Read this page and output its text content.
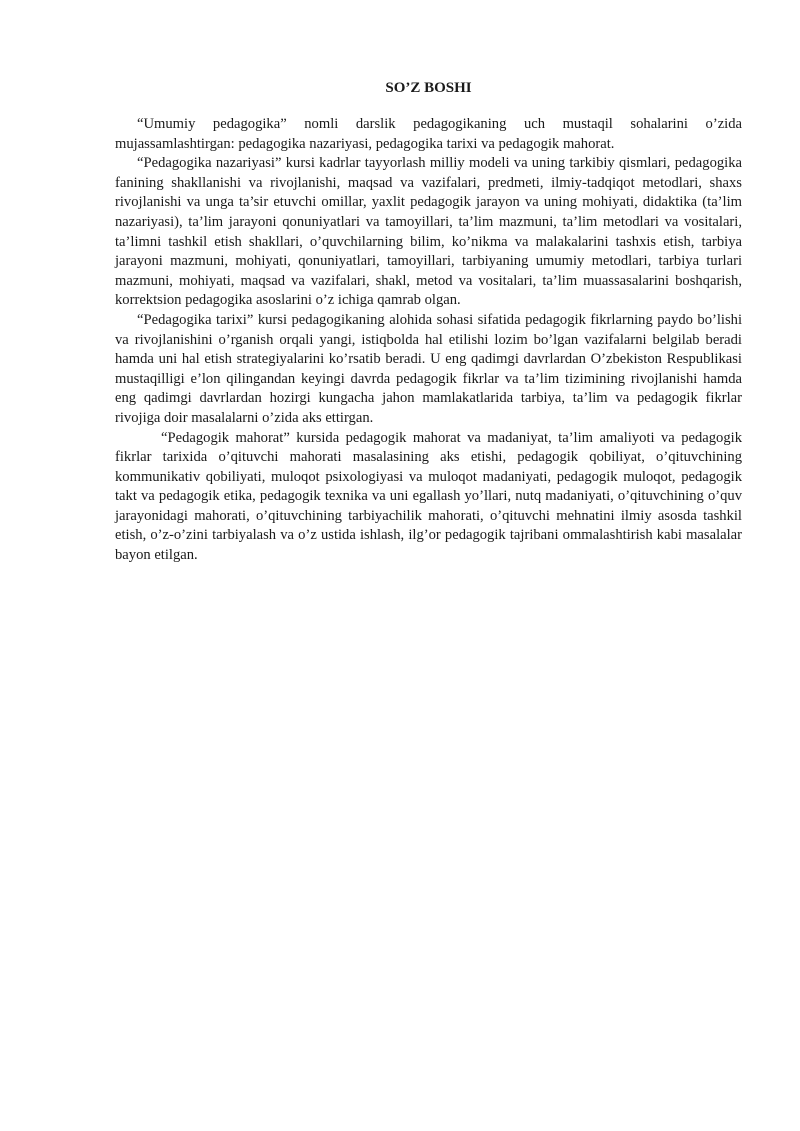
SO’Z BOSHI

“Umumiy pedagogika” nomli darslik pedagogikaning uch mustaqil sohalarini o’zida mujassamlashtirgan: pedagogika nazariyasi, pedagogika tarixi va pedagogik mahorat.

“Pedagogika nazariyasi” kursi kadrlar tayyorlash milliy modeli va uning tarkibiy qismlari, pedagogika fanining shakllanishi va rivojlanishi, maqsad va vazifalari, predmeti, ilmiy-tadqiqot metodlari, shaxs rivojlanishi va unga ta’sir etuvchi omillar, yaxlit pedagogik jarayon va uning mohiyati, didaktika (ta’lim nazariyasi), ta’lim jarayoni qonuniyatlari va tamoyillari, ta’lim mazmuni, ta’lim metodlari va vositalari, ta’limni tashkil etish shakllari, o’quvchilarning bilim, ko’nikma va malakalarini tashxis etish, tarbiya jarayoni mazmuni, mohiyati, qonuniyatlari, tamoyillari, tarbiyaning umumiy metodlari, tarbiya turlari mazmuni, mohiyati, maqsad va vazifalari, shakl, metod va vositalari, ta’lim muassasalarini boshqarish, korrektsion pedagogika asoslarini o’z ichiga qamrab olgan.

“Pedagogika tarixi” kursi pedagogikaning alohida sohasi sifatida pedagogik fikrlarning paydo bo’lishi va rivojlanishini o’rganish orqali yangi, istiqbolda hal etilishi lozim bo’lgan vazifalarni belgilab beradi hamda uni hal etish strategiyalarini ko’rsatib beradi. U eng qadimgi davrlardan O’zbekiston Respublikasi mustaqilligi e’lon qilingandan keyingi davrda pedagogik fikrlar va ta’lim tizimining rivojlanishi hamda eng qadimgi davrlardan hozirgi kungacha jahon mamlakatlarida tarbiya, ta’lim va pedagogik fikrlar rivojiga doir masalalarni o’zida aks ettirgan.

“Pedagogik mahorat” kursida pedagogik mahorat va madaniyat, ta’lim amaliyoti va pedagogik fikrlar tarixida o’qituvchi mahorati masalasining aks etishi, pedagogik qobiliyat, o’qituvchining kommunikativ qobiliyati, muloqot psixologiyasi va muloqot madaniyati, pedagogik muloqot, pedagogik takt va pedagogik etika, pedagogik texnika va uni egallash yo’llari, nutq madaniyati, o’qituvchining o’quv jarayonidagi mahorati, o’qituvchining tarbiyachilik mahorati, o’qituvchi mehnatini ilmiy asosda tashkil etish, o’z-o’zini tarbiyalash va o’z ustida ishlash, ilg’or pedagogik tajribani ommalashtirish kabi masalalar bayon etilgan.
